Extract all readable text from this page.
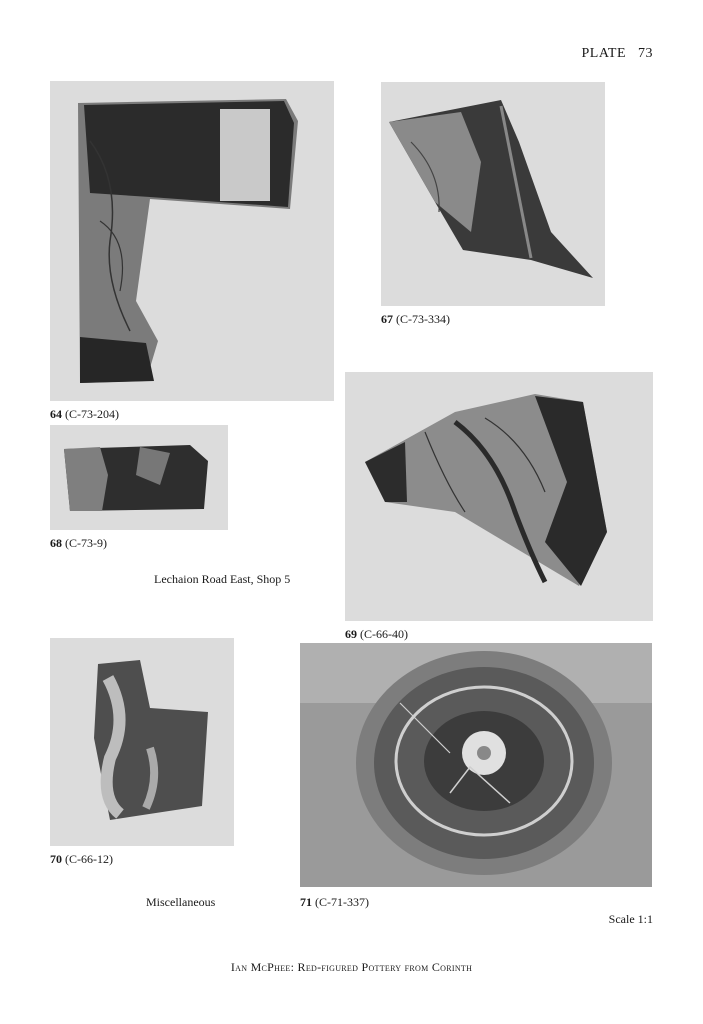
PLATE 73
64 (C-73-204)
67 (C-73-334)
68 (C-73-9)
Lechaion Road East, Shop 5
69 (C-66-40)
70 (C-66-12)
Miscellaneous	71 (C-71-337)
Scale 1:1
Ian McPhee: Red-figured Pottery from Corinth
